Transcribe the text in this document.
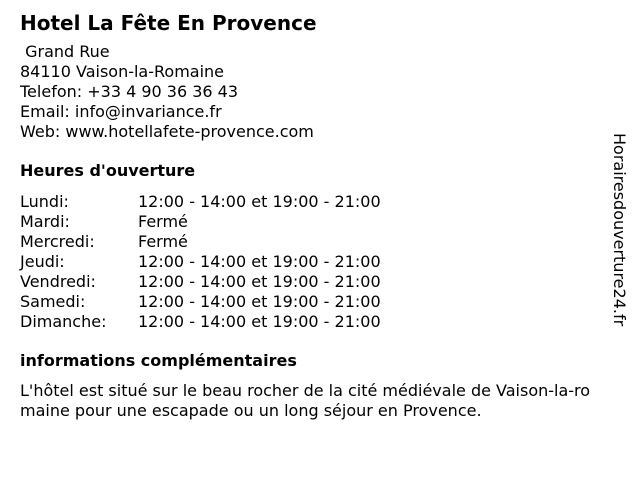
Hotel La Fête En Provence
Grand Rue
84110 Vaison-la-Romaine
Telefon: +33 4 90 36 36 43
Email: info@invariance.fr
Web: www.hotellafete-provence.com
Heures d'ouverture
Lundi:	12:00 - 14:00 et 19:00 - 21:00
Mardi:	Fermé
Mercredi:	Fermé
Jeudi:	12:00 - 14:00 et 19:00 - 21:00
Vendredi:	12:00 - 14:00 et 19:00 - 21:00
Samedi:	12:00 - 14:00 et 19:00 - 21:00
Dimanche:	12:00 - 14:00 et 19:00 - 21:00
informations complémentaires
L'hôtel est situé sur le beau rocher de la cité médiévale de Vaison-la-romaine pour une escapade ou un long séjour en Provence.
Horairesdouverture24.fr
